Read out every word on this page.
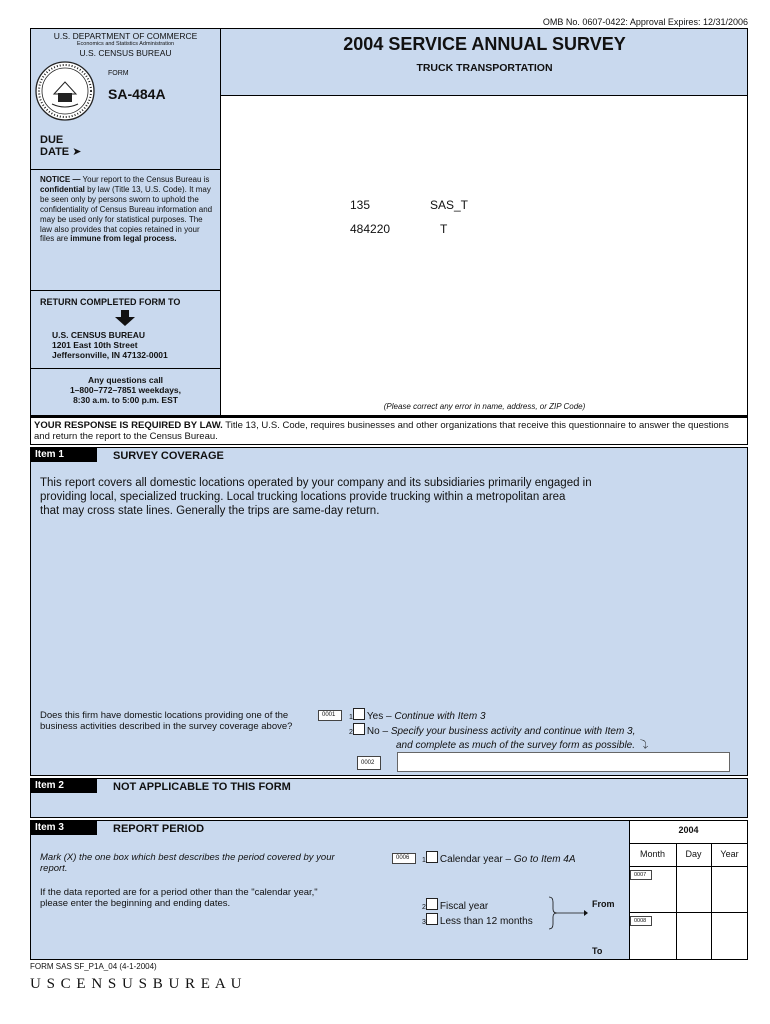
OMB No. 0607-0422: Approval Expires: 12/31/2006
U.S. DEPARTMENT OF COMMERCE
Economics and Statistics Administration
U.S. CENSUS BUREAU
FORM
SA-484A
2004 SERVICE ANNUAL SURVEY
TRUCK TRANSPORTATION
DUE
DATE ➤
NOTICE — Your report to the Census Bureau is confidential by law (Title 13, U.S. Code). It may be seen only by persons sworn to uphold the confidentiality of Census Bureau information and may be used only for statistical purposes. The law also provides that copies retained in your files are immune from legal process.
RETURN COMPLETED FORM TO
U.S. CENSUS BUREAU
1201 East 10th Street
Jeffersonville, IN 47132-0001
Any questions call
1–800–772–7851 weekdays,
8:30 a.m. to 5:00 p.m. EST
135	SAS_T
484220	T
(Please correct any error in name, address, or ZIP Code)
YOUR RESPONSE IS REQUIRED BY LAW. Title 13, U.S. Code, requires businesses and other organizations that receive this questionnaire to answer the questions and return the report to the Census Bureau.
Item 1	SURVEY COVERAGE
This report covers all domestic locations operated by your company and its subsidiaries primarily engaged in
providing local, specialized trucking. Local trucking locations provide trucking within a metropolitan area
that may cross state lines. Generally the trips are same-day return.
Does this firm have domestic locations providing one of the business activities described in the survey coverage above?
0001	1 Yes – Continue with Item 3
2 No – Specify your business activity and continue with Item 3,
and complete as much of the survey form as possible. ⤵
0002
Item 2	NOT APPLICABLE TO THIS FORM
Item 3	REPORT PERIOD
Mark (X) the one box which best describes the period covered by your report.
If the data reported are for a period other than the "calendar year," please enter the beginning and ending dates.
0006	1 Calendar year – Go to Item 4A
2 Fiscal year
3 Less than 12 months
From
To
2004
Month	Day	Year
0007
0008
FORM SAS SF_P1A_04 (4-1-2004)
U S C E N S U S B U R E A U
